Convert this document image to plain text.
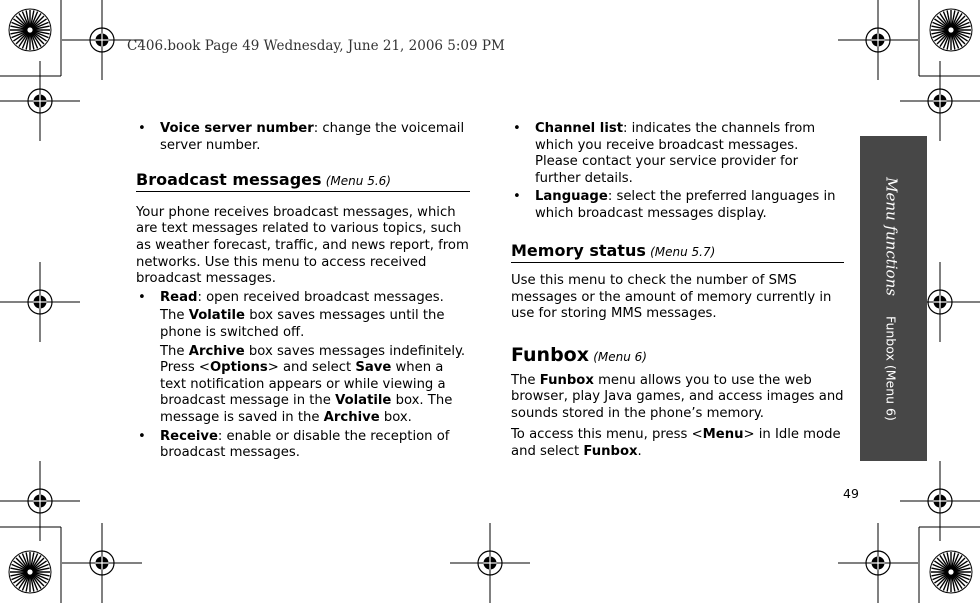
C406.book Page 49 Wednesday, June 21, 2006 5:09 PM
• Voice server number: change the voicemail server number.
Broadcast messages (Menu 5.6)

Your phone receives broadcast messages, which are text messages related to various topics, such as weather forecast, traffic, and news report, from networks. Use this menu to access received broadcast messages.

• Read: open received broadcast messages.

The Volatile box saves messages until the phone is switched off.

The Archive box saves messages indefinitely. Press <Options> and select Save when a text notification appears or while viewing a broadcast message in the Volatile box. The message is saved in the Archive box.

• Receive: enable or disable the reception of broadcast messages.
• Channel list: indicates the channels from which you receive broadcast messages. Please contact your service provider for further details.
• Language: select the preferred languages in which broadcast messages display.
Memory status (Menu 5.7)

Use this menu to check the number of SMS messages or the amount of memory currently in use for storing MMS messages.

Funbox (Menu 6)

The Funbox menu allows you to use the web browser, play Java games, and access images and sounds stored in the phone’s memory.

To access this menu, press <Menu> in Idle mode and select Funbox.

Menu functionsFunbox (Menu 6)
49
